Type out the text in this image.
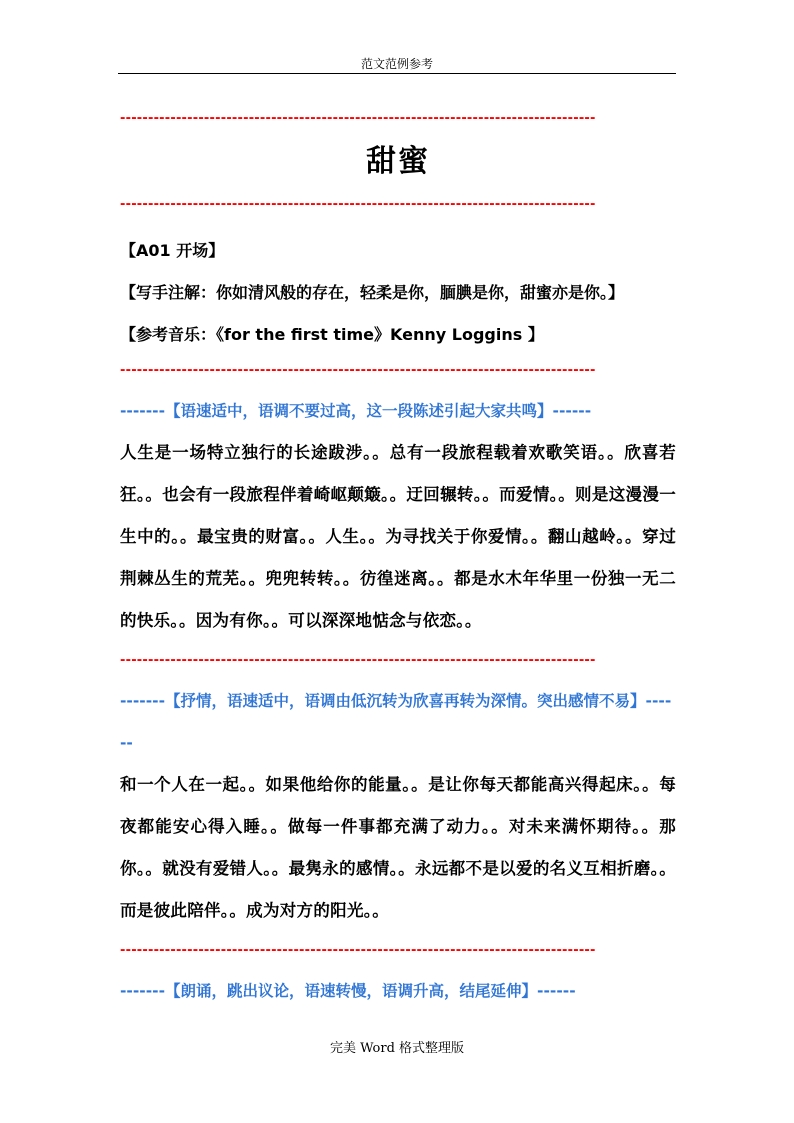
范文范例参考
-------------------------------------------------------------------------------------
甜蜜
-------------------------------------------------------------------------------------
【A01 开场】
【写手注解：你如清风般的存在，轻柔是你，腼腆是你，甜蜜亦是你。】
【参考音乐：《for the first time》Kenny Loggins 】
-------------------------------------------------------------------------------------
-------【语速适中，语调不要过高，这一段陈述引起大家共鸣】------
人生是一场特立独行的长途跋涉。。总有一段旅程载着欢歌笑语。。欣喜若狂。。也会有一段旅程伴着崎岖颠簸。。迂回辗转。。而爱情。。则是这漫漫一生中的。。最宝贵的财富。。人生。。为寻找关于你爱情。。翻山越岭。。穿过荆棘丛生的荒芜。。兜兜转转。。彷徨迷离。。都是水木年华里一份独一无二的快乐。。因为有你。。可以深深地惦念与依恋。。
-------------------------------------------------------------------------------------
-------【抒情，语速适中，语调由低沉转为欣喜再转为深情。突出感情不易】------
和一个人在一起。。如果他给你的能量。。是让你每天都能高兴得起床。。每夜都能安心得入睡。。做每一件事都充满了动力。。对未来满怀期待。。那你。。就没有爱错人。。最隽永的感情。。永远都不是以爱的名义互相折磨。。而是彼此陪伴。。成为对方的阳光。。
-------------------------------------------------------------------------------------
-------【朗诵，跳出议论，语速转慢，语调升高，结尾延伸】------
完美 Word 格式整理版
